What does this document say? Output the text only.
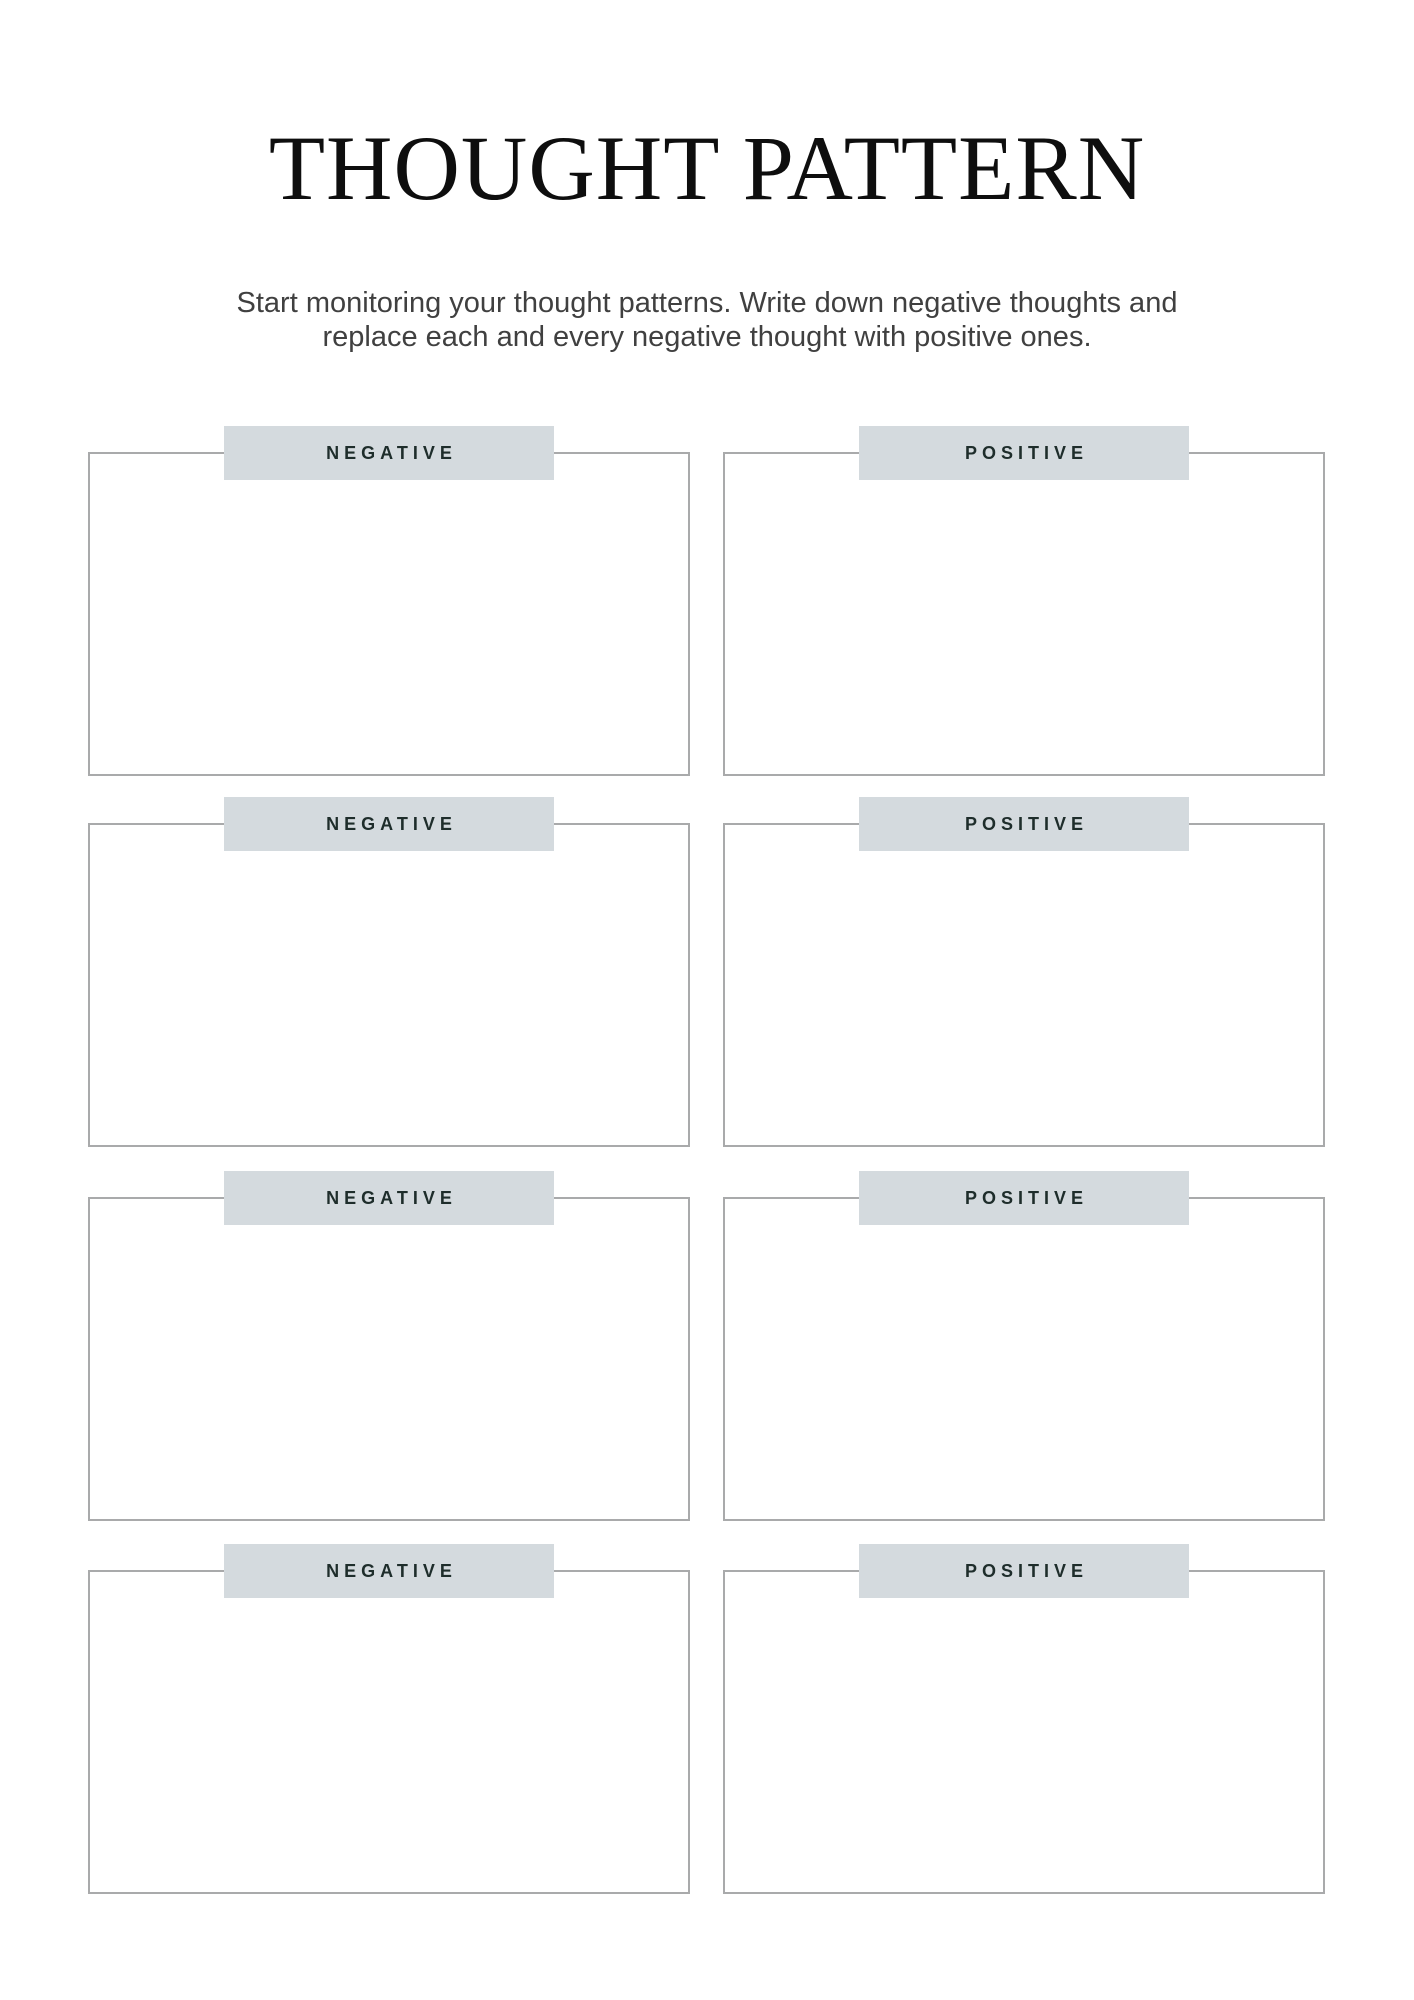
THOUGHT PATTERN

Start monitoring your thought patterns. Write down negative thoughts and
replace each and every negative thought with positive ones.

NEGATIVE	POSITIVE
NEGATIVE	POSITIVE
NEGATIVE	POSITIVE
NEGATIVE	POSITIVE
